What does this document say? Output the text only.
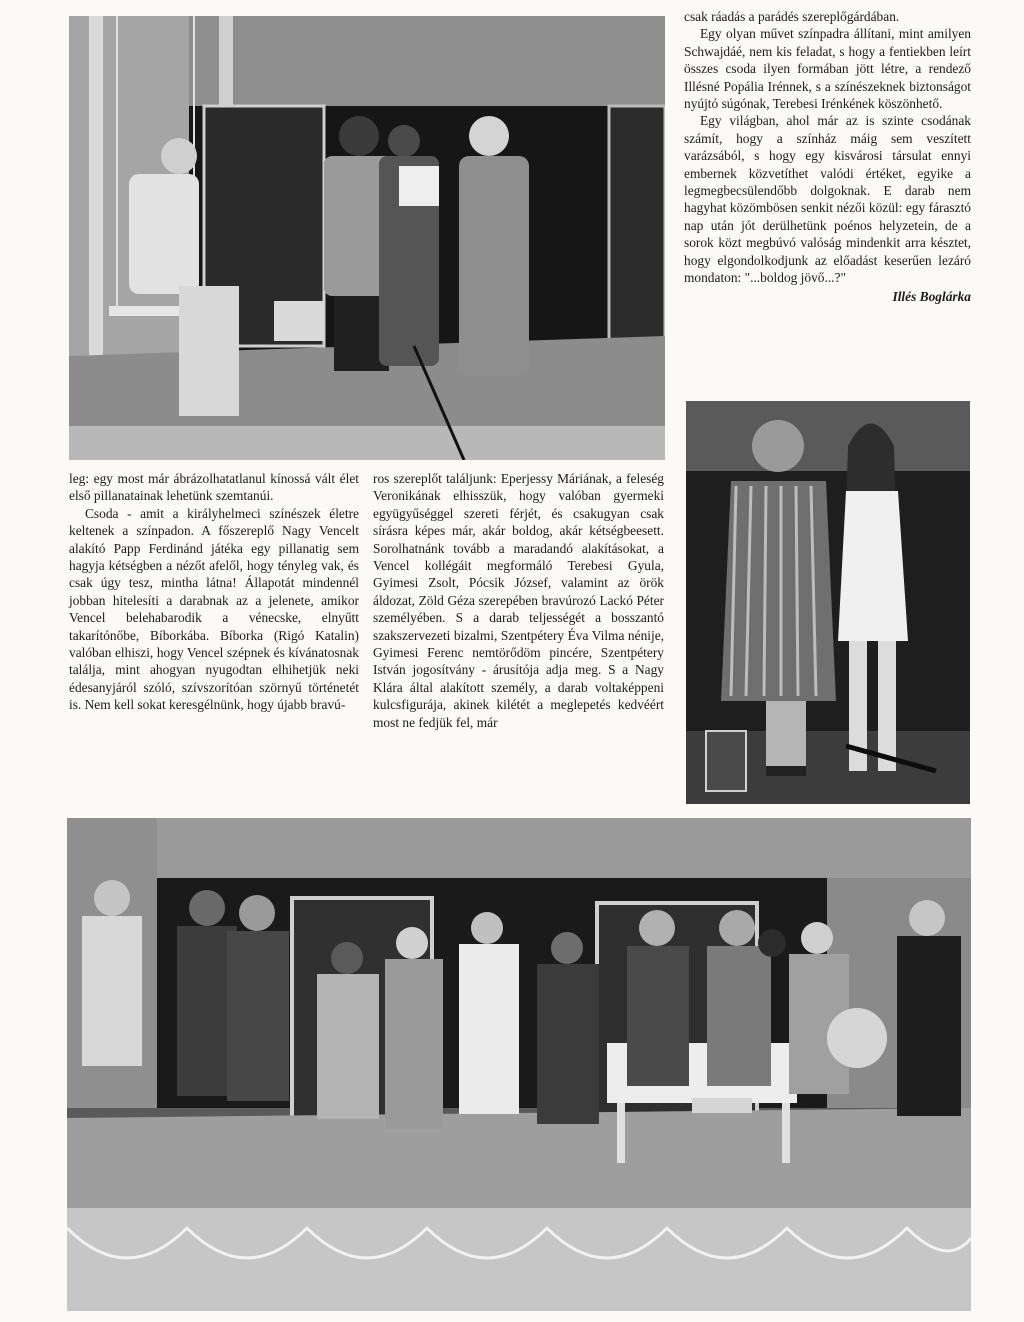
csak ráadás a parádés szereplőgárdában.

Egy olyan művet színpadra állítani, mint amilyen Schwajdáé, nem kis feladat, s hogy a fentiekben leírt összes csoda ilyen formában jött létre, a rendező Illésné Popália Irénnek, s a színészeknek biztonságot nyújtó súgónak, Terebesi Irénkének köszönhető.

Egy világban, ahol már az is szinte csodának számít, hogy a színház máig sem veszített varázsából, s hogy egy kisvárosi társulat ennyi embernek közvetíthet valódi értéket, egyike a legmegbecsülendőbb dolgoknak. E darab nem hagyhat közömbösen senkit nézői közül: egy fárasztó nap után jót derülhetünk poénos helyzetein, de a sorok közt megbúvó valóság mindenkit arra késztet, hogy elgondolkodjunk az előadást keserűen lezáró mondaton: "...boldog jövő...?"

Illés Boglárka

leg: egy most már ábrázolhatatlanul kínossá vált élet első pillanatainak lehetünk szemtanúi.

Csoda - amit a királyhelmeci színészek életre keltenek a színpadon. A főszereplő Nagy Vencelt alakító Papp Ferdinánd játéka egy pillanatig sem hagyja kétségben a nézőt afelől, hogy tényleg vak, és csak úgy tesz, mintha látna! Állapotát mindennél jobban hitelesíti a darabnak az a jelenete, amikor Vencel belehabarodik a vénecske, elnyűtt takarítónőbe, Bíborkába. Bíborka (Rigó Katalin) valóban elhiszi, hogy Vencel szépnek és kívánatosnak találja, mint ahogyan nyugodtan elhihetjük neki édesanyjáról szóló, szívszorítóan szörnyű történetét is. Nem kell sokat keresgélnünk, hogy újabb bravú-

ros szereplőt találjunk: Eperjessy Máriának, a feleség Veronikának elhisszük, hogy valóban gyermeki együgyűséggel szereti férjét, és csakugyan csak sírásra képes már, akár boldog, akár kétségbeesett. Sorolhatnánk tovább a maradandó alakításokat, a Vencel kollégáit megformáló Terebesi Gyula, Gyimesi Zsolt, Pócsik József, valamint az örök áldozat, Zöld Géza szerepében bravúrozó Lackó Péter személyében. S a darab teljességét a bosszantó szakszervezeti bizalmi, Szentpétery Éva Vilma nénije, Gyimesi Ferenc nemtörődöm pincére, Szentpétery István jogosítvány - árusítója adja meg. S a Nagy Klára által alakított személy, a darab voltaképpeni kulcsfigurája, akinek kilétét a meglepetés kedvéért most ne fedjük fel, már
